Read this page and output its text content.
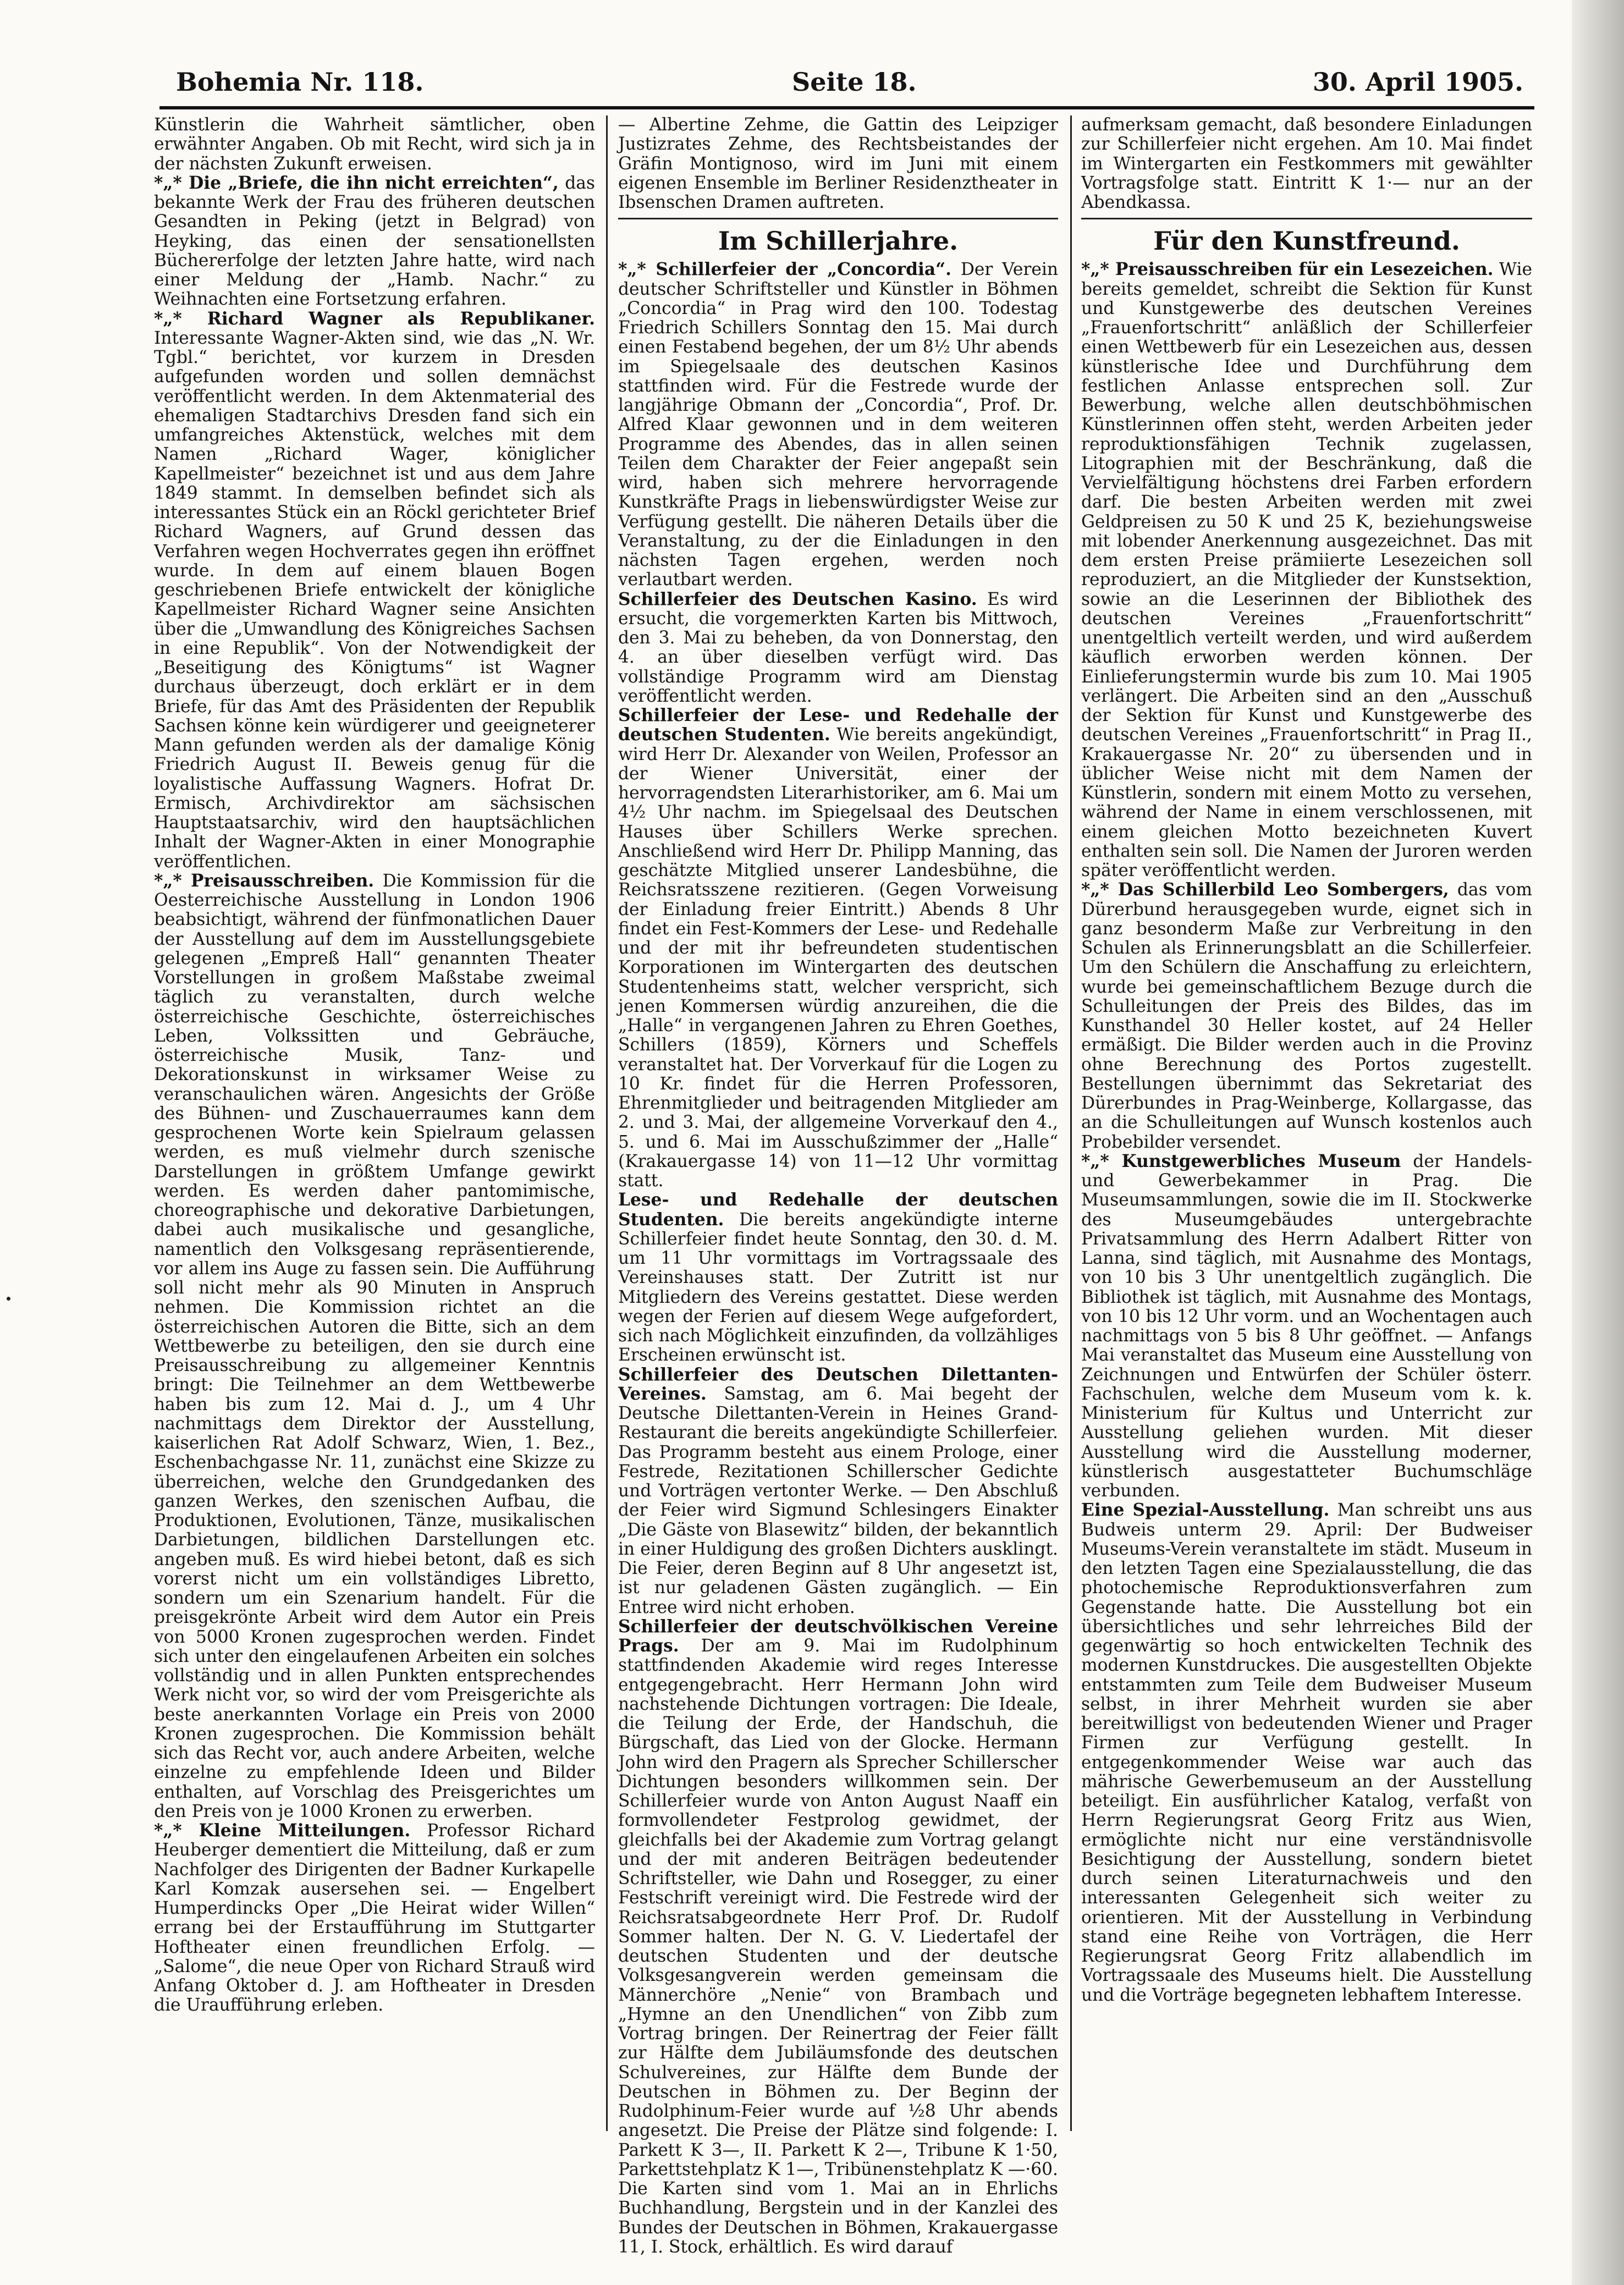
Bohemia Nr. 118.	Seite 18.	30. April 1905.

Künstlerin die Wahrheit sämtlicher, oben erwähnter Angaben. Ob mit Recht, wird sich ja in der nächsten Zukunft erweisen.

*„* Die „Briefe, die ihn nicht erreichten“, das bekannte Werk der Frau des früheren deutschen Gesandten in Peking (jetzt in Belgrad) von Heyking, das einen der sensationellsten Büchererfolge der letzten Jahre hatte, wird nach einer Meldung der „Hamb. Nachr.“ zu Weihnachten eine Fortsetzung erfahren.

*„* Richard Wagner als Republikaner. Interessante Wagner-Akten sind, wie das „N. Wr. Tgbl.“ berichtet, vor kurzem in Dresden aufgefunden worden und sollen demnächst veröffentlicht werden. In dem Aktenmaterial des ehemaligen Stadtarchivs Dresden fand sich ein umfangreiches Aktenstück, welches mit dem Namen „Richard Wager, königlicher Kapellmeister“ bezeichnet ist und aus dem Jahre 1849 stammt. In demselben befindet sich als interessantes Stück ein an Röckl gerichteter Brief Richard Wagners, auf Grund dessen das Verfahren wegen Hochverrates gegen ihn eröffnet wurde. In dem auf einem blauen Bogen geschriebenen Briefe entwickelt der königliche Kapellmeister Richard Wagner seine Ansichten über die „Umwandlung des Königreiches Sachsen in eine Republik“. Von der Notwendigkeit der „Beseitigung des Königtums“ ist Wagner durchaus überzeugt, doch erklärt er in dem Briefe, für das Amt des Präsidenten der Republik Sachsen könne kein würdigerer und geeigneterer Mann gefunden werden als der damalige König Friedrich August II. Beweis genug für die loyalistische Auffassung Wagners. Hofrat Dr. Ermisch, Archivdirektor am sächsischen Hauptstaatsarchiv, wird den hauptsächlichen Inhalt der Wagner-Akten in einer Monographie veröffentlichen.

*„* Preisausschreiben. Die Kommission für die Oesterreichische Ausstellung in London 1906 beabsichtigt, während der fünfmonatlichen Dauer der Ausstellung auf dem im Ausstellungsgebiete gelegenen „Empreß Hall“ genannten Theater Vorstellungen in großem Maßstabe zweimal täglich zu veranstalten, durch welche österreichische Geschichte, österreichisches Leben, Volkssitten und Gebräuche, österreichische Musik, Tanz- und Dekorationskunst in wirksamer Weise zu veranschaulichen wären. Angesichts der Größe des Bühnen- und Zuschauerraumes kann dem gesprochenen Worte kein Spielraum gelassen werden, es muß vielmehr durch szenische Darstellungen in größtem Umfange gewirkt werden. Es werden daher pantomimische, choreographische und dekorative Darbietungen, dabei auch musikalische und gesangliche, namentlich den Volksgesang repräsentierende, vor allem ins Auge zu fassen sein. Die Aufführung soll nicht mehr als 90 Minuten in Anspruch nehmen. Die Kommission richtet an die österreichischen Autoren die Bitte, sich an dem Wettbewerbe zu beteiligen, den sie durch eine Preisausschreibung zu allgemeiner Kenntnis bringt: Die Teilnehmer an dem Wettbewerbe haben bis zum 12. Mai d. J., um 4 Uhr nachmittags dem Direktor der Ausstellung, kaiserlichen Rat Adolf Schwarz, Wien, 1. Bez., Eschenbachgasse Nr. 11, zunächst eine Skizze zu überreichen, welche den Grundgedanken des ganzen Werkes, den szenischen Aufbau, die Produktionen, Evolutionen, Tänze, musikalischen Darbietungen, bildlichen Darstellungen etc. angeben muß. Es wird hiebei betont, daß es sich vorerst nicht um ein vollständiges Libretto, sondern um ein Szenarium handelt. Für die preisgekrönte Arbeit wird dem Autor ein Preis von 5000 Kronen zugesprochen werden. Findet sich unter den eingelaufenen Arbeiten ein solches vollständig und in allen Punkten entsprechendes Werk nicht vor, so wird der vom Preisgerichte als beste anerkannten Vorlage ein Preis von 2000 Kronen zugesprochen. Die Kommission behält sich das Recht vor, auch andere Arbeiten, welche einzelne zu empfehlende Ideen und Bilder enthalten, auf Vorschlag des Preisgerichtes um den Preis von je 1000 Kronen zu erwerben.

*„* Kleine Mitteilungen. Professor Richard Heuberger dementiert die Mitteilung, daß er zum Nachfolger des Dirigenten der Badner Kurkapelle Karl Komzak ausersehen sei. — Engelbert Humperdincks Oper „Die Heirat wider Willen“ errang bei der Erstaufführung im Stuttgarter Hoftheater einen freundlichen Erfolg. — „Salome“, die neue Oper von Richard Strauß wird Anfang Oktober d. J. am Hoftheater in Dresden die Uraufführung erleben.

— Albertine Zehme, die Gattin des Leipziger Justizrates Zehme, des Rechtsbeistandes der Gräfin Montignoso, wird im Juni mit einem eigenen Ensemble im Berliner Residenztheater in Ibsenschen Dramen auftreten.

Im Schillerjahre.

*„* Schillerfeier der „Concordia“. Der Verein deutscher Schriftsteller und Künstler in Böhmen „Concordia“ in Prag wird den 100. Todestag Friedrich Schillers Sonntag den 15. Mai durch einen Festabend begehen, der um 8½ Uhr abends im Spiegelsaale des deutschen Kasinos stattfinden wird. Für die Festrede wurde der langjährige Obmann der „Concordia“, Prof. Dr. Alfred Klaar gewonnen und in dem weiteren Programme des Abendes, das in allen seinen Teilen dem Charakter der Feier angepaßt sein wird, haben sich mehrere hervorragende Kunstkräfte Prags in liebenswürdigster Weise zur Verfügung gestellt. Die näheren Details über die Veranstaltung, zu der die Einladungen in den nächsten Tagen ergehen, werden noch verlautbart werden.

Schillerfeier des Deutschen Kasino. Es wird ersucht, die vorgemerkten Karten bis Mittwoch, den 3. Mai zu beheben, da von Donnerstag, den 4. an über dieselben verfügt wird. Das vollständige Programm wird am Dienstag veröffentlicht werden.

Schillerfeier der Lese- und Redehalle der deutschen Studenten. Wie bereits angekündigt, wird Herr Dr. Alexander von Weilen, Professor an der Wiener Universität, einer der hervorragendsten Literarhistoriker, am 6. Mai um 4½ Uhr nachm. im Spiegelsaal des Deutschen Hauses über Schillers Werke sprechen. Anschließend wird Herr Dr. Philipp Manning, das geschätzte Mitglied unserer Landesbühne, die Reichsratsszene rezitieren. (Gegen Vorweisung der Einladung freier Eintritt.) Abends 8 Uhr findet ein Fest-Kommers der Lese- und Redehalle und der mit ihr befreundeten studentischen Korporationen im Wintergarten des deutschen Studentenheims statt, welcher verspricht, sich jenen Kommersen würdig anzureihen, die die „Halle“ in vergangenen Jahren zu Ehren Goethes, Schillers (1859), Körners und Scheffels veranstaltet hat. Der Vorverkauf für die Logen zu 10 Kr. findet für die Herren Professoren, Ehrenmitglieder und beitragenden Mitglieder am 2. und 3. Mai, der allgemeine Vorverkauf den 4., 5. und 6. Mai im Ausschußzimmer der „Halle“ (Krakauergasse 14) von 11—12 Uhr vormittag statt.

Lese- und Redehalle der deutschen Studenten. Die bereits angekündigte interne Schillerfeier findet heute Sonntag, den 30. d. M. um 11 Uhr vormittags im Vortragssaale des Vereinshauses statt. Der Zutritt ist nur Mitgliedern des Vereins gestattet. Diese werden wegen der Ferien auf diesem Wege aufgefordert, sich nach Möglichkeit einzufinden, da vollzähliges Erscheinen erwünscht ist.

Schillerfeier des Deutschen Dilettanten-Vereines. Samstag, am 6. Mai begeht der Deutsche Dilettanten-Verein in Heines Grand-Restaurant die bereits angekündigte Schillerfeier. Das Programm besteht aus einem Prologe, einer Festrede, Rezitationen Schillerscher Gedichte und Vorträgen vertonter Werke. — Den Abschluß der Feier wird Sigmund Schlesingers Einakter „Die Gäste von Blasewitz“ bilden, der bekanntlich in einer Huldigung des großen Dichters ausklingt. Die Feier, deren Beginn auf 8 Uhr angesetzt ist, ist nur geladenen Gästen zugänglich. — Ein Entree wird nicht erhoben.

Schillerfeier der deutschvölkischen Vereine Prags. Der am 9. Mai im Rudolphinum stattfindenden Akademie wird reges Interesse entgegengebracht. Herr Hermann John wird nachstehende Dichtungen vortragen: Die Ideale, die Teilung der Erde, der Handschuh, die Bürgschaft, das Lied von der Glocke. Hermann John wird den Pragern als Sprecher Schillerscher Dichtungen besonders willkommen sein. Der Schillerfeier wurde von Anton August Naaff ein formvollendeter Festprolog gewidmet, der gleichfalls bei der Akademie zum Vortrag gelangt und der mit anderen Beiträgen bedeutender Schriftsteller, wie Dahn und Rosegger, zu einer Festschrift vereinigt wird. Die Festrede wird der Reichsratsabgeordnete Herr Prof. Dr. Rudolf Sommer halten. Der N. G. V. Liedertafel der deutschen Studenten und der deutsche Volksgesangverein werden gemeinsam die Männerchöre „Nenie“ von Brambach und „Hymne an den Unendlichen“ von Zibb zum Vortrag bringen. Der Reinertrag der Feier fällt zur Hälfte dem Jubiläumsfonde des deutschen Schulvereines, zur Hälfte dem Bunde der Deutschen in Böhmen zu. Der Beginn der Rudolphinum-Feier wurde auf ½8 Uhr abends angesetzt. Die Preise der Plätze sind folgende: I. Parkett K 3—, II. Parkett K 2—, Tribune K 1·50, Parkettstehplatz K 1—, Tribünenstehplatz K —·60. Die Karten sind vom 1. Mai an in Ehrlichs Buchhandlung, Bergstein und in der Kanzlei des Bundes der Deutschen in Böhmen, Krakauergasse 11, I. Stock, erhältlich. Es wird darauf

aufmerksam gemacht, daß besondere Einladungen zur Schillerfeier nicht ergehen. Am 10. Mai findet im Wintergarten ein Festkommers mit gewählter Vortragsfolge statt. Eintritt K 1·— nur an der Abendkassa.

Für den Kunstfreund.

*„* Preisausschreiben für ein Lesezeichen. Wie bereits gemeldet, schreibt die Sektion für Kunst und Kunstgewerbe des deutschen Vereines „Frauenfortschritt“ anläßlich der Schillerfeier einen Wettbewerb für ein Lesezeichen aus, dessen künstlerische Idee und Durchführung dem festlichen Anlasse entsprechen soll. Zur Bewerbung, welche allen deutschböhmischen Künstlerinnen offen steht, werden Arbeiten jeder reproduktionsfähigen Technik zugelassen, Litographien mit der Beschränkung, daß die Vervielfältigung höchstens drei Farben erfordern darf. Die besten Arbeiten werden mit zwei Geldpreisen zu 50 K und 25 K, beziehungsweise mit lobender Anerkennung ausgezeichnet. Das mit dem ersten Preise prämiierte Lesezeichen soll reproduziert, an die Mitglieder der Kunstsektion, sowie an die Leserinnen der Bibliothek des deutschen Vereines „Frauenfortschritt“ unentgeltlich verteilt werden, und wird außerdem käuflich erworben werden können. Der Einlieferungstermin wurde bis zum 10. Mai 1905 verlängert. Die Arbeiten sind an den „Ausschuß der Sektion für Kunst und Kunstgewerbe des deutschen Vereines „Frauenfortschritt“ in Prag II., Krakauergasse Nr. 20“ zu übersenden und in üblicher Weise nicht mit dem Namen der Künstlerin, sondern mit einem Motto zu versehen, während der Name in einem verschlossenen, mit einem gleichen Motto bezeichneten Kuvert enthalten sein soll. Die Namen der Juroren werden später veröffentlicht werden.

*„* Das Schillerbild Leo Sombergers, das vom Dürerbund herausgegeben wurde, eignet sich in ganz besonderm Maße zur Verbreitung in den Schulen als Erinnerungsblatt an die Schillerfeier. Um den Schülern die Anschaffung zu erleichtern, wurde bei gemeinschaftlichem Bezuge durch die Schulleitungen der Preis des Bildes, das im Kunsthandel 30 Heller kostet, auf 24 Heller ermäßigt. Die Bilder werden auch in die Provinz ohne Berechnung des Portos zugestellt. Bestellungen übernimmt das Sekretariat des Dürerbundes in Prag-Weinberge, Kollargasse, das an die Schulleitungen auf Wunsch kostenlos auch Probebilder versendet.

*„* Kunstgewerbliches Museum der Handels- und Gewerbekammer in Prag. Die Museumsammlungen, sowie die im II. Stockwerke des Museumgebäudes untergebrachte Privatsammlung des Herrn Adalbert Ritter von Lanna, sind täglich, mit Ausnahme des Montags, von 10 bis 3 Uhr unentgeltlich zugänglich. Die Bibliothek ist täglich, mit Ausnahme des Montags, von 10 bis 12 Uhr vorm. und an Wochentagen auch nachmittags von 5 bis 8 Uhr geöffnet. — Anfangs Mai veranstaltet das Museum eine Ausstellung von Zeichnungen und Entwürfen der Schüler österr. Fachschulen, welche dem Museum vom k. k. Ministerium für Kultus und Unterricht zur Ausstellung geliehen wurden. Mit dieser Ausstellung wird die Ausstellung moderner, künstlerisch ausgestatteter Buchumschläge verbunden.

Eine Spezial-Ausstellung. Man schreibt uns aus Budweis unterm 29. April: Der Budweiser Museums-Verein veranstaltete im städt. Museum in den letzten Tagen eine Spezialausstellung, die das photochemische Reproduktionsverfahren zum Gegenstande hatte. Die Ausstellung bot ein übersichtliches und sehr lehrreiches Bild der gegenwärtig so hoch entwickelten Technik des modernen Kunstdruckes. Die ausgestellten Objekte entstammten zum Teile dem Budweiser Museum selbst, in ihrer Mehrheit wurden sie aber bereitwilligst von bedeutenden Wiener und Prager Firmen zur Verfügung gestellt. In entgegenkommender Weise war auch das mährische Gewerbemuseum an der Ausstellung beteiligt. Ein ausführlicher Katalog, verfaßt von Herrn Regierungsrat Georg Fritz aus Wien, ermöglichte nicht nur eine verständnisvolle Besichtigung der Ausstellung, sondern bietet durch seinen Literaturnachweis und den interessanten Gelegenheit sich weiter zu orientieren. Mit der Ausstellung in Verbindung stand eine Reihe von Vorträgen, die Herr Regierungsrat Georg Fritz allabendlich im Vortragssaale des Museums hielt. Die Ausstellung und die Vorträge begegneten lebhaftem Interesse.
